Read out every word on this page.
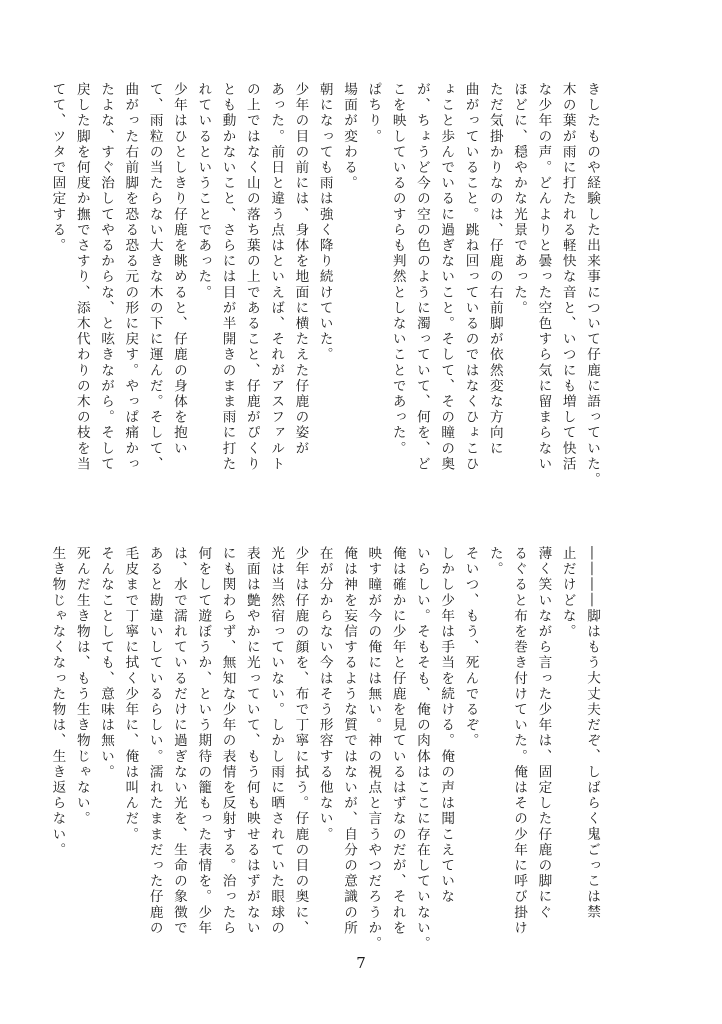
きしたものや経験した出来事について仔鹿に語っていた。

木の葉が雨に打たれる軽快な音と、いつにも増して快活

な少年の声。どんよりと曇った空色すら気に留まらない

ほどに、穏やかな光景であった。

ただ気掛かりなのは、仔鹿の右前脚が依然変な方向に

曲がっていること。跳ね回っているのではなくひょこひ

ょこと歩んでいるに過ぎないこと。そして、その瞳の奥

が、ちょうど今の空の色のように濁っていて、何を、ど

こを映しているのすらも判然としないことであった。

ぱちり。

場面が変わる。

朝になっても雨は強く降り続けていた。

少年の目の前には、身体を地面に横たえた仔鹿の姿が

あった。前日と違う点はといえば、それがアスファルト

の上ではなく山の落ち葉の上であること、仔鹿がぴくり

とも動かないこと、さらには目が半開きのまま雨に打た

れているということであった。

少年はひとしきり仔鹿を眺めると、仔鹿の身体を抱い

て、雨粒の当たらない大きな木の下に運んだ。そして、

曲がった右前脚を恐る恐る元の形に戻す。やっぱ痛かっ

たよな、すぐ治してやるからな、と呟きながら。そして

戻した脚を何度か撫でさすり、添木代わりの木の枝を当

てて、ツタで固定する。

――――脚はもう大丈夫だぞ、しばらく鬼ごっこは禁

止だけどな。

薄く笑いながら言った少年は、固定した仔鹿の脚にぐ

るぐると布を巻き付けていた。俺はその少年に呼び掛け

た。

そいつ、もう、死んでるぞ。

しかし少年は手当を続ける。俺の声は聞こえていな

いらしい。そもそも、俺の肉体はここに存在していない。

俺は確かに少年と仔鹿を見ているはずなのだが、それを

映す瞳が今の俺には無い。神の視点と言うやつだろうか。

俺は神を妄信するような質ではないが、自分の意識の所

在が分からない今はそう形容する他ない。

少年は仔鹿の顔を、布で丁寧に拭う。仔鹿の目の奥に、

光は当然宿っていない。しかし雨に晒されていた眼球の

表面は艶やかに光っていて、もう何も映せるはずがない

にも関わらず、無知な少年の表情を反射する。治ったら

何をして遊ぼうか、という期待の籠もった表情を。少年

は、水で濡れているだけに過ぎない光を、生命の象徴で

あると勘違いしているらしい。濡れたままだった仔鹿の

毛皮まで丁寧に拭く少年に、俺は叫んだ。

そんなことしても、意味は無い。

死んだ生き物は、もう生き物じゃない。

生き物じゃなくなった物は、生き返らない。

7
